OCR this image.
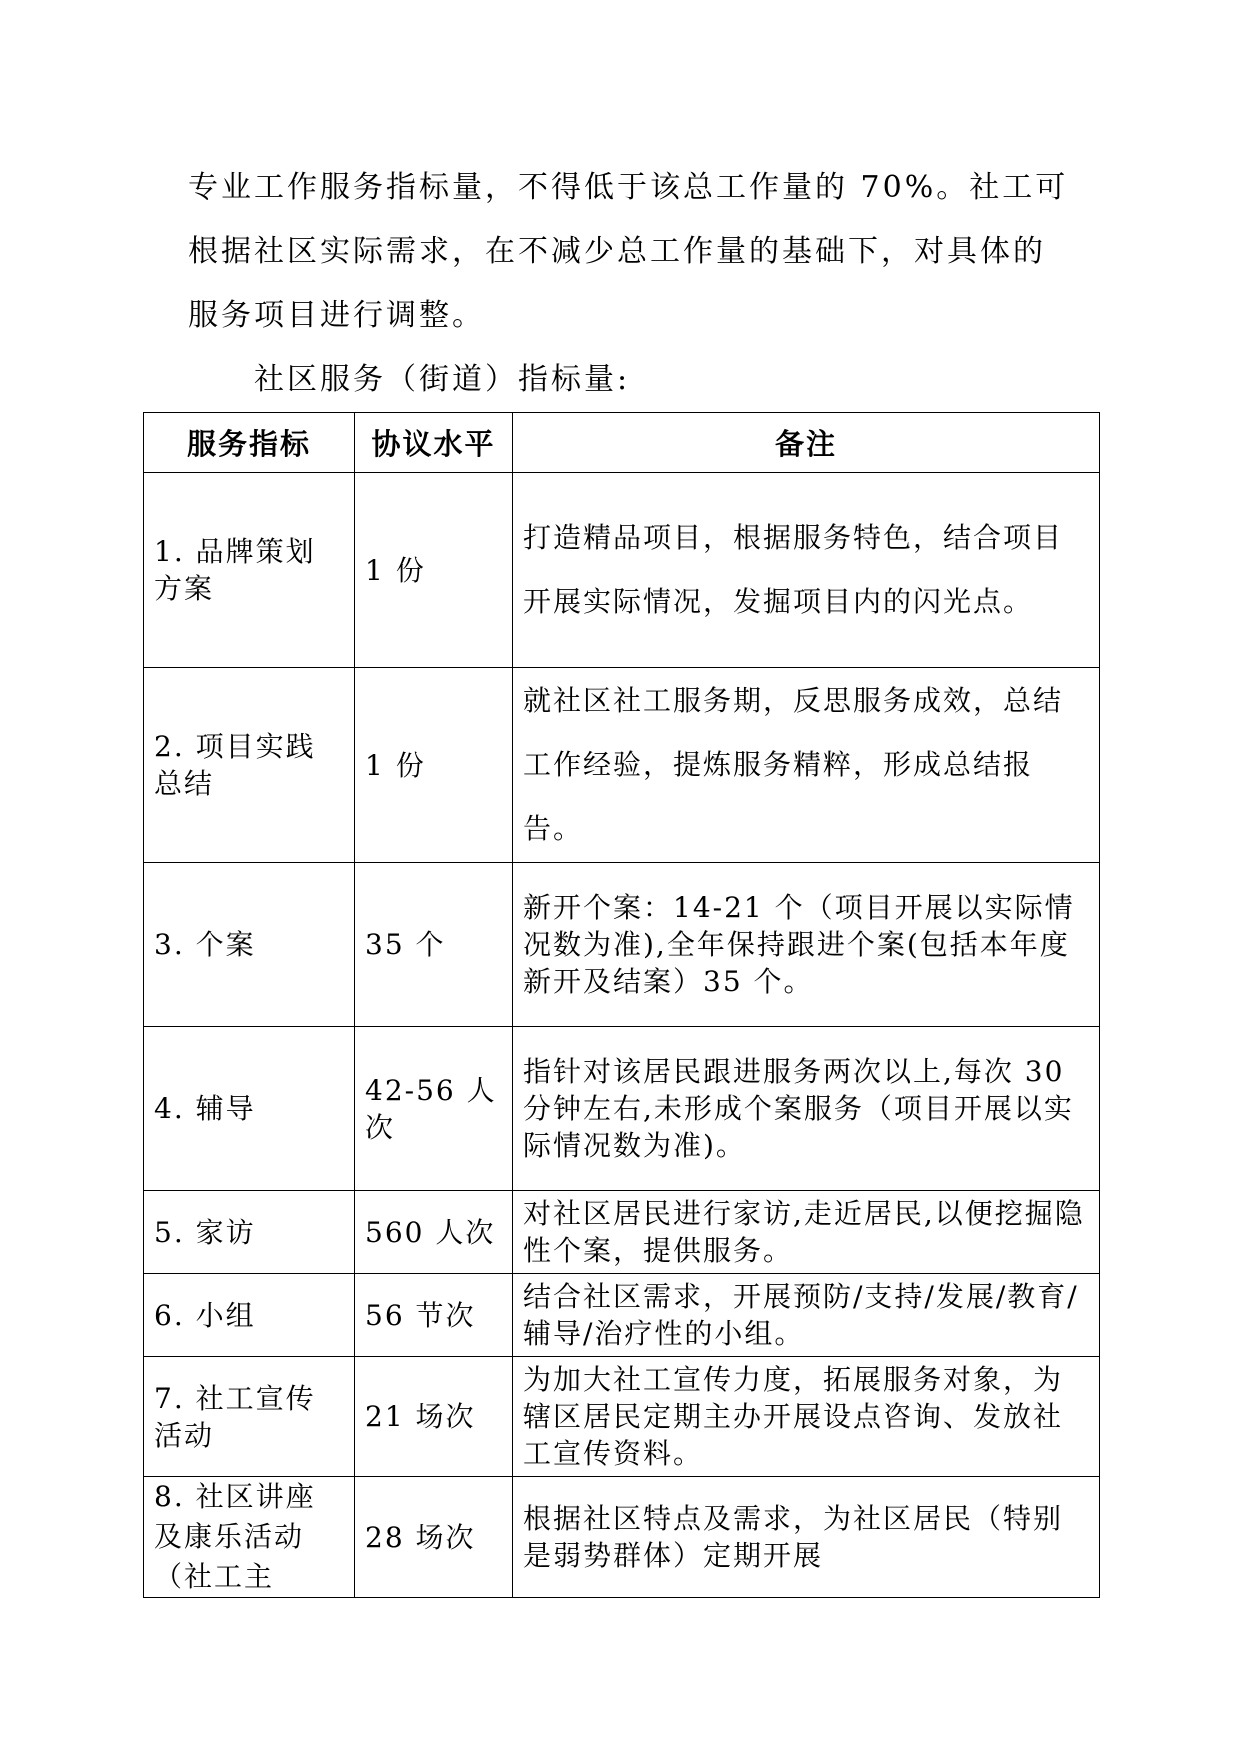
专业工作服务指标量，不得低于该总工作量的 70%。社工可

根据社区实际需求，在不减少总工作量的基础下，对具体的

服务项目进行调整。

社区服务（街道）指标量:
服务指标	协议水平	备注
1. 品牌策划方案	1 份	打造精品项目，根据服务特色，结合项目开展实际情况，发掘项目内的闪光点。
2. 项目实践总结	1 份	就社区社工服务期，反思服务成效，总结工作经验，提炼服务精粹，形成总结报告。
3. 个案	35 个	新开个案：14-21 个（项目开展以实际情况数为准),全年保持跟进个案(包括本年度新开及结案）35 个。
4. 辅导	42-56 人次	指针对该居民跟进服务两次以上,每次 30 分钟左右,未形成个案服务（项目开展以实际情况数为准)。
5. 家访	560 人次	对社区居民进行家访,走近居民,以便挖掘隐性个案，提供服务。
6. 小组	56 节次	结合社区需求，开展预防/支持/发展/教育/辅导/治疗性的小组。
7. 社工宣传活动	21 场次	为加大社工宣传力度，拓展服务对象，为辖区居民定期主办开展设点咨询、发放社工宣传资料。
8. 社区讲座及康乐活动（社工主	28 场次	根据社区特点及需求，为社区居民（特别是弱势群体）定期开展
